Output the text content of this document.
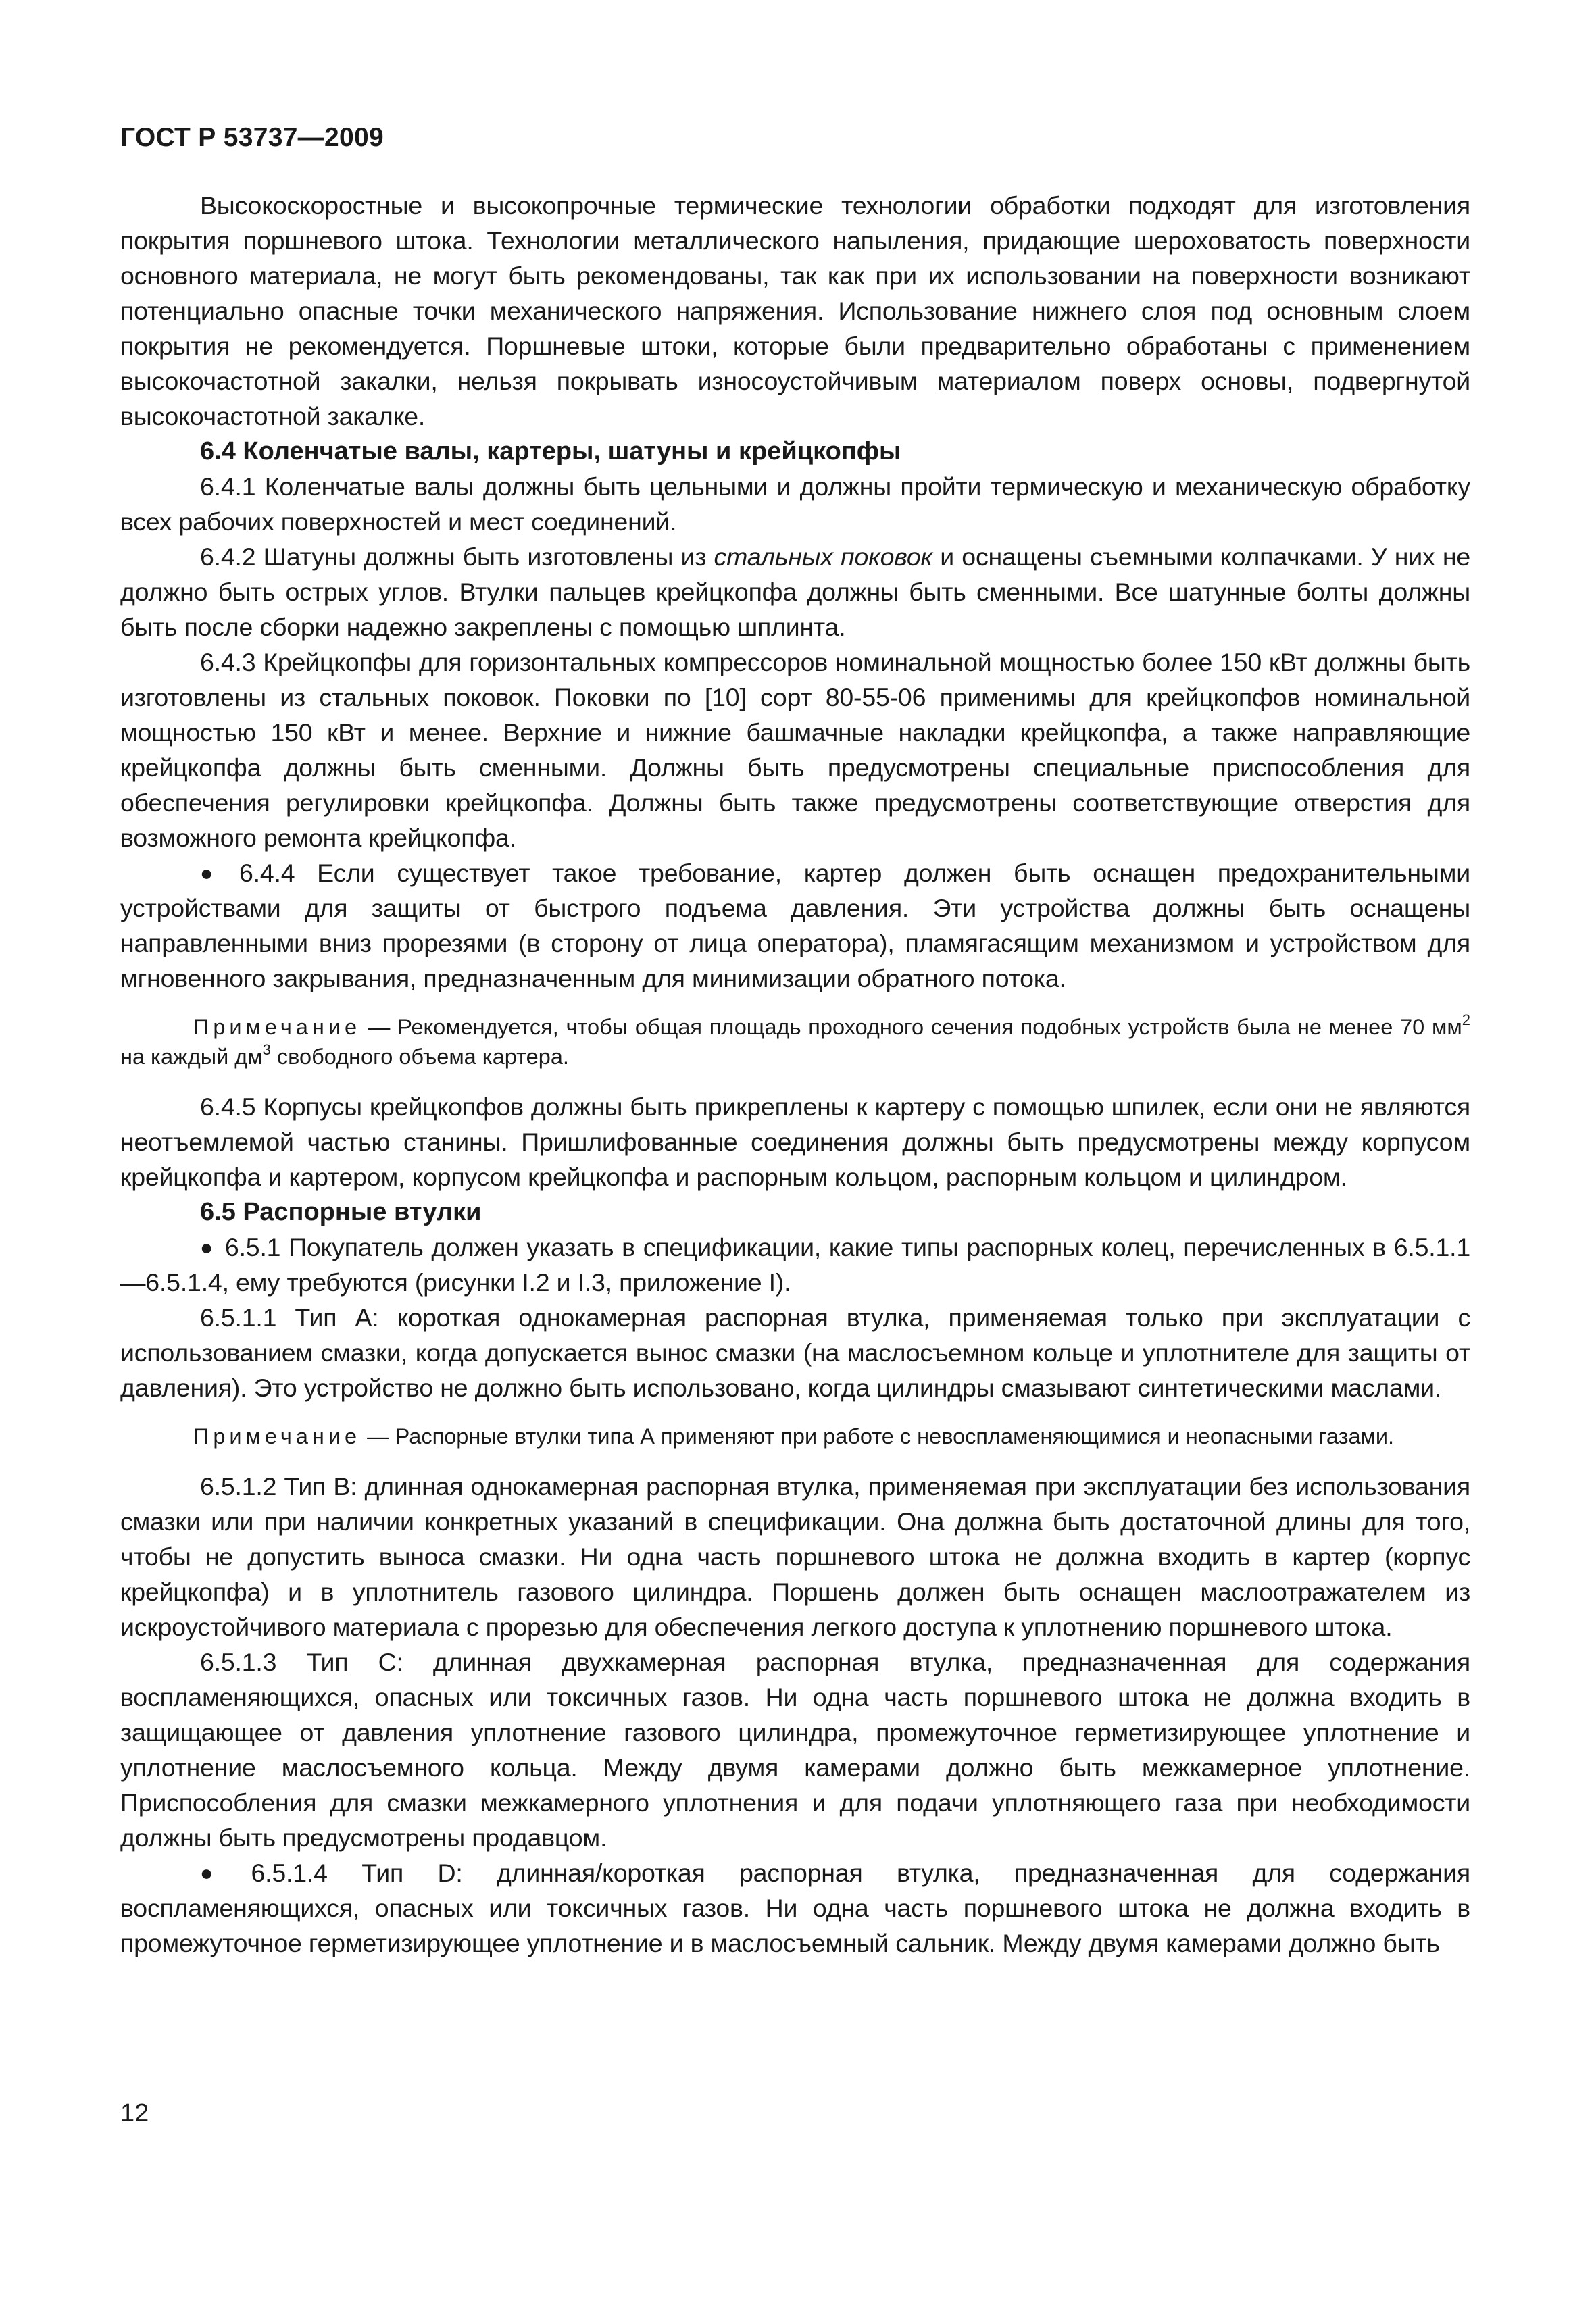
ГОСТ Р 53737—2009

Высокоскоростные и высокопрочные термические технологии обработки подходят для изготовления покрытия поршневого штока. Технологии металлического напыления, придающие шероховатость поверхности основного материала, не могут быть рекомендованы, так как при их использовании на поверхности возникают потенциально опасные точки механического напряжения. Использование нижнего слоя под основным слоем покрытия не рекомендуется. Поршневые штоки, которые были предварительно обработаны с применением высокочастотной закалки, нельзя покрывать износоустойчивым материалом поверх основы, подвергнутой высокочастотной закалке.

6.4 Коленчатые валы, картеры, шатуны и крейцкопфы

6.4.1 Коленчатые валы должны быть цельными и должны пройти термическую и механическую обработку всех рабочих поверхностей и мест соединений.

6.4.2 Шатуны должны быть изготовлены из стальных поковок и оснащены съемными колпачками. У них не должно быть острых углов. Втулки пальцев крейцкопфа должны быть сменными. Все шатунные болты должны быть после сборки надежно закреплены с помощью шплинта.

6.4.3 Крейцкопфы для горизонтальных компрессоров номинальной мощностью более 150 кВт должны быть изготовлены из стальных поковок. Поковки по [10] сорт 80-55-06 применимы для крейцкопфов номинальной мощностью 150 кВт и менее. Верхние и нижние башмачные накладки крейцкопфа, а также направляющие крейцкопфа должны быть сменными. Должны быть предусмотрены специальные приспособления для обеспечения регулировки крейцкопфа. Должны быть также предусмотрены соответствующие отверстия для возможного ремонта крейцкопфа.

● 6.4.4 Если существует такое требование, картер должен быть оснащен предохранительными устройствами для защиты от быстрого подъема давления. Эти устройства должны быть оснащены направленными вниз прорезями (в сторону от лица оператора), пламягасящим механизмом и устройством для мгновенного закрывания, предназначенным для минимизации обратного потока.

Примечание — Рекомендуется, чтобы общая площадь проходного сечения подобных устройств была не менее 70 $мм^2$ на каждый $дм^3$ свободного объема картера.

6.4.5 Корпусы крейцкопфов должны быть прикреплены к картеру с помощью шпилек, если они не являются неотъемлемой частью станины. Пришлифованные соединения должны быть предусмотрены между корпусом крейцкопфа и картером, корпусом крейцкопфа и распорным кольцом, распорным кольцом и цилиндром.

6.5 Распорные втулки

● 6.5.1 Покупатель должен указать в спецификации, какие типы распорных колец, перечисленных в 6.5.1.1—6.5.1.4, ему требуются (рисунки I.2 и I.3, приложение I).

6.5.1.1 Тип А: короткая однокамерная распорная втулка, применяемая только при эксплуатации с использованием смазки, когда допускается вынос смазки (на маслосъемном кольце и уплотнителе для защиты от давления). Это устройство не должно быть использовано, когда цилиндры смазывают синтетическими маслами.

Примечание — Распорные втулки типа А применяют при работе с невоспламеняющимися и неопасными газами.

6.5.1.2 Тип В: длинная однокамерная распорная втулка, применяемая при эксплуатации без использования смазки или при наличии конкретных указаний в спецификации. Она должна быть достаточной длины для того, чтобы не допустить выноса смазки. Ни одна часть поршневого штока не должна входить в картер (корпус крейцкопфа) и в уплотнитель газового цилиндра. Поршень должен быть оснащен маслоотражателем из искроустойчивого материала с прорезью для обеспечения легкого доступа к уплотнению поршневого штока.

6.5.1.3 Тип С: длинная двухкамерная распорная втулка, предназначенная для содержания воспламеняющихся, опасных или токсичных газов. Ни одна часть поршневого штока не должна входить в защищающее от давления уплотнение газового цилиндра, промежуточное герметизирующее уплотнение и уплотнение маслосъемного кольца. Между двумя камерами должно быть межкамерное уплотнение. Приспособления для смазки межкамерного уплотнения и для подачи уплотняющего газа при необходимости должны быть предусмотрены продавцом.

● 6.5.1.4 Тип D: длинная/короткая распорная втулка, предназначенная для содержания воспламеняющихся, опасных или токсичных газов. Ни одна часть поршневого штока не должна входить в промежуточное герметизирующее уплотнение и в маслосъемный сальник. Между двумя камерами должно быть

12
